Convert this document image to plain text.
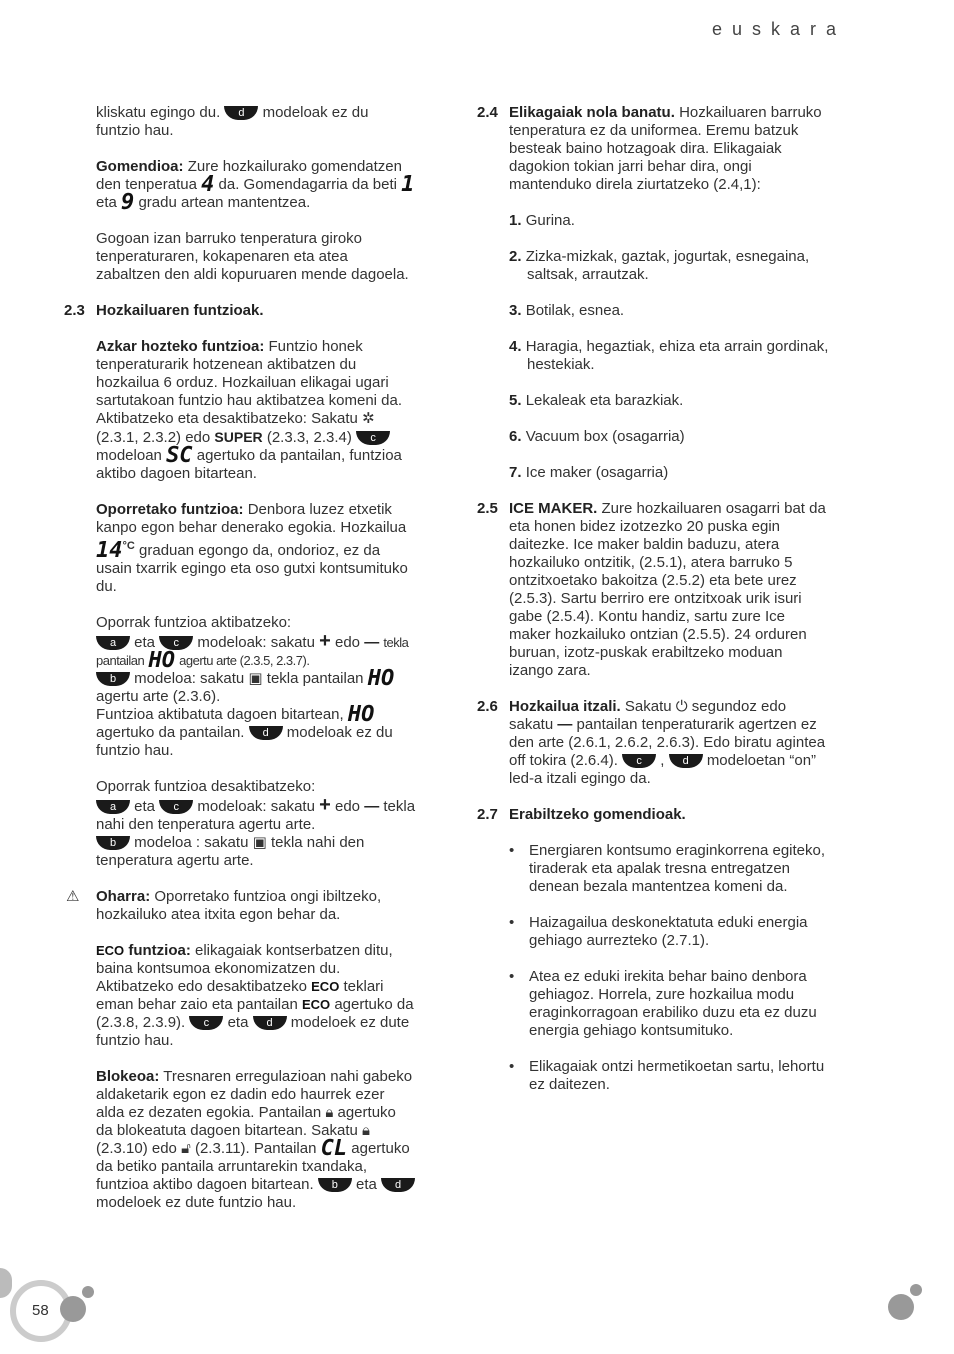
euskara

kliskatu egingo du. d modeloak ez du funtzio hau.

Gomendioa: Zure hozkailurako gomendatzen den tenperatua 4 da. Gomendagarria da beti 1 eta 9 gradu artean mantentzea.

Gogoan izan barruko tenperatura giroko tenperaturaren, kokapenaren eta atea zabaltzen den aldi kopuruaren mende dagoela.

2.3 Hozkailuaren funtzioak.

Azkar hozteko funtzioa: Funtzio honek tenperaturarik hotzenean aktibatzen du hozkailua 6 orduz. Hozkailuan elikagai ugari sartutakoan funtzio hau aktibatzea komeni da. Aktibatzeko eta desaktibatzeko: Sakatu ✲ (2.3.1, 2.3.2) edo SUPER (2.3.3, 2.3.4) c modeloan SC agertuko da pantailan, funtzioa aktibo dagoen bitartean.

Oporretako funtzioa: Denbora luzez etxetik kanpo egon behar denerako egokia. Hozkailua $14^{^\circ C}$ graduan egongo da, ondorioz, ez da usain txarrik egingo eta oso gutxi kontsumituko du.

Oporrak funtzioa aktibatzeko:
a eta c modeloak: sakatu + edo — tekla pantailan HO agertu arte (2.3.5, 2.3.7).
b modeloa: sakatu ▣ tekla pantailan HO agertu arte (2.3.6).
Funtzioa aktibatuta dagoen bitartean, HO agertuko da pantailan. d modeloak ez du funtzio hau.

Oporrak funtzioa desaktibatzeko:
a eta c modeloak: sakatu + edo — tekla nahi den tenperatura agertu arte.
b modeloa : sakatu ▣ tekla nahi den tenperatura agertu arte.

⚠ Oharra: Oporretako funtzioa ongi ibiltzeko, hozkailuko atea itxita egon behar da.

ECO funtzioa: elikagaiak kontserbatzen ditu, baina kontsumoa ekonomizatzen du. Aktibatzeko edo desaktibatzeko ECO teklari eman behar zaio eta pantailan ECO agertuko da (2.3.8, 2.3.9). c eta d modeloek ez dute funtzio hau.

Blokeoa: Tresnaren erregulazioan nahi gabeko aldaketarik egon ez dadin edo haurrek ezer alda ez dezaten egokia. Pantailan 🔒︎ agertuko da blokeatuta dagoen bitartean. Sakatu 🔒︎ (2.3.10) edo 🔓︎ (2.3.11). Pantailan CL agertuko da betiko pantaila arruntarekin txandaka, funtzioa aktibo dagoen bitartean. b eta d modeloek ez dute funtzio hau.

2.4 Elikagaiak nola banatu. Hozkailuaren barruko tenperatura ez da uniformea. Eremu batzuk besteak baino hotzagoak dira. Elikagaiak dagokion tokian jarri behar dira, ongi mantenduko direla ziurtatzeko (2.4,1):

1. Gurina.

2. Zizka-mizkak, gaztak, jogurtak, esnegaina, saltsak, arrautzak.

3. Botilak, esnea.

4. Haragia, hegaztiak, ehiza eta arrain gordinak, hestekiak.

5. Lekaleak eta barazkiak.

6. Vacuum box (osagarria)

7. Ice maker (osagarria)

2.5 ICE MAKER. Zure hozkailuaren osagarri bat da eta honen bidez izotzezko 20 puska egin daitezke. Ice maker baldin baduzu, atera hozkailuko ontzitik, (2.5.1), atera barruko 5 ontzitxoetako bakoitza (2.5.2) eta bete urez (2.5.3). Sartu berriro ere ontzitxoak urik isuri gabe (2.5.4). Kontu handiz, sartu zure Ice maker hozkailuko ontzian (2.5.5). 24 orduren buruan, izotz-puskak erabiltzeko moduan izango zara.

2.6 Hozkailua itzali. Sakatu ⏻ segundoz edo sakatu — pantailan tenperaturarik agertzen ez den arte (2.6.1, 2.6.2, 2.6.3). Edo biratu agintea off tokira (2.6.4). c , d modeloetan “on” led-a itzali egingo da.

2.7 Erabiltzeko gomendioak.

• Energiaren kontsumo eraginkorrena egiteko, tiraderak eta apalak tresna entregatzen denean bezala mantentzea komeni da.

• Haizagailua deskonektatuta eduki energia gehiago aurrezteko (2.7.1).

• Atea ez eduki irekita behar baino denbora gehiagoz. Horrela, zure hozkailua modu eraginkorragoan erabiliko duzu eta ez duzu energia gehiago kontsumituko.

• Elikagaiak ontzi hermetikoetan sartu, lehortu ez daitezen.

58
